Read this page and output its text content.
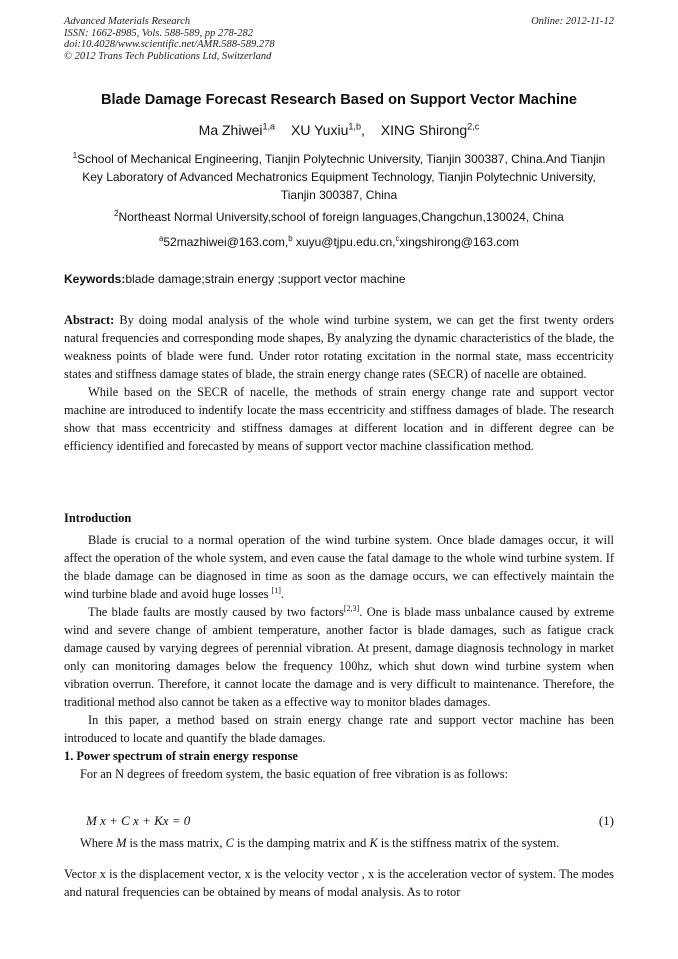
Advanced Materials Research
ISSN: 1662-8985, Vols. 588-589, pp 278-282
doi:10.4028/www.scientific.net/AMR.588-589.278
© 2012 Trans Tech Publications Ltd, Switzerland
Online: 2012-11-12
Blade Damage Forecast Research Based on Support Vector Machine
Ma Zhiwei$^{1,a}$ XU Yuxiu$^{1,b}$, XING Shirong$^{2,c}$
$^1$School of Mechanical Engineering, Tianjin Polytechnic University, Tianjin 300387, China.And Tianjin Key Laboratory of Advanced Mechatronics Equipment Technology, Tianjin Polytechnic University, Tianjin 300387, China
$^2$Northeast Normal University,school of foreign languages,Changchun,130024, China
$^a$52mazhiwei@163.com,$^b$ xuyu@tjpu.edu.cn,$^c$xingshirong@163.com
Keywords:blade damage;strain energy ;support vector machine

Abstract: By doing modal analysis of the whole wind turbine system, we can get the first twenty orders natural frequencies and corresponding mode shapes, By analyzing the dynamic characteristics of the blade, the weakness points of blade were fund. Under rotor rotating excitation in the normal state, mass eccentricity states and stiffness damage states of blade, the strain energy change rates (SECR) of nacelle are obtained.

While based on the SECR of nacelle, the methods of strain energy change rate and support vector machine are introduced to indentify locate the mass eccentricity and stiffness damages of blade. The research show that mass eccentricity and stiffness damages at different location and in different degree can be efficiency identified and forecasted by means of support vector machine classification method.

Introduction

Blade is crucial to a normal operation of the wind turbine system. Once blade damages occur, it will affect the operation of the whole system, and even cause the fatal damage to the whole wind turbine system. If the blade damage can be diagnosed in time as soon as the damage occurs, we can effectively maintain the wind turbine blade and avoid huge losses [1].

The blade faults are mostly caused by two factors[2,3]. One is blade mass unbalance caused by extreme wind and severe change of ambient temperature, another factor is blade damages, such as fatigue crack damage caused by varying degrees of perennial vibration. At present, damage diagnosis technology in market only can monitoring damages below the frequency 100hz, which shut down wind turbine system when vibration overrun. Therefore, it cannot locate the damage and is very difficult to maintenance. Therefore, the traditional method also cannot be taken as a effective way to monitor blades damages.

In this paper, a method based on strain energy change rate and support vector machine has been introduced to locate and quantify the blade damages.

1. Power spectrum of strain energy response

For an N degrees of freedom system, the basic equation of free vibration is as follows:

M x + C x + Kx = 0	(1)
Where M is the mass matrix, C is the damping matrix and K is the stiffness matrix of the system.
Vector x is the displacement vector, x is the velocity vector , x is the acceleration vector of system. The modes and natural frequencies can be obtained by means of modal analysis. As to rotor
